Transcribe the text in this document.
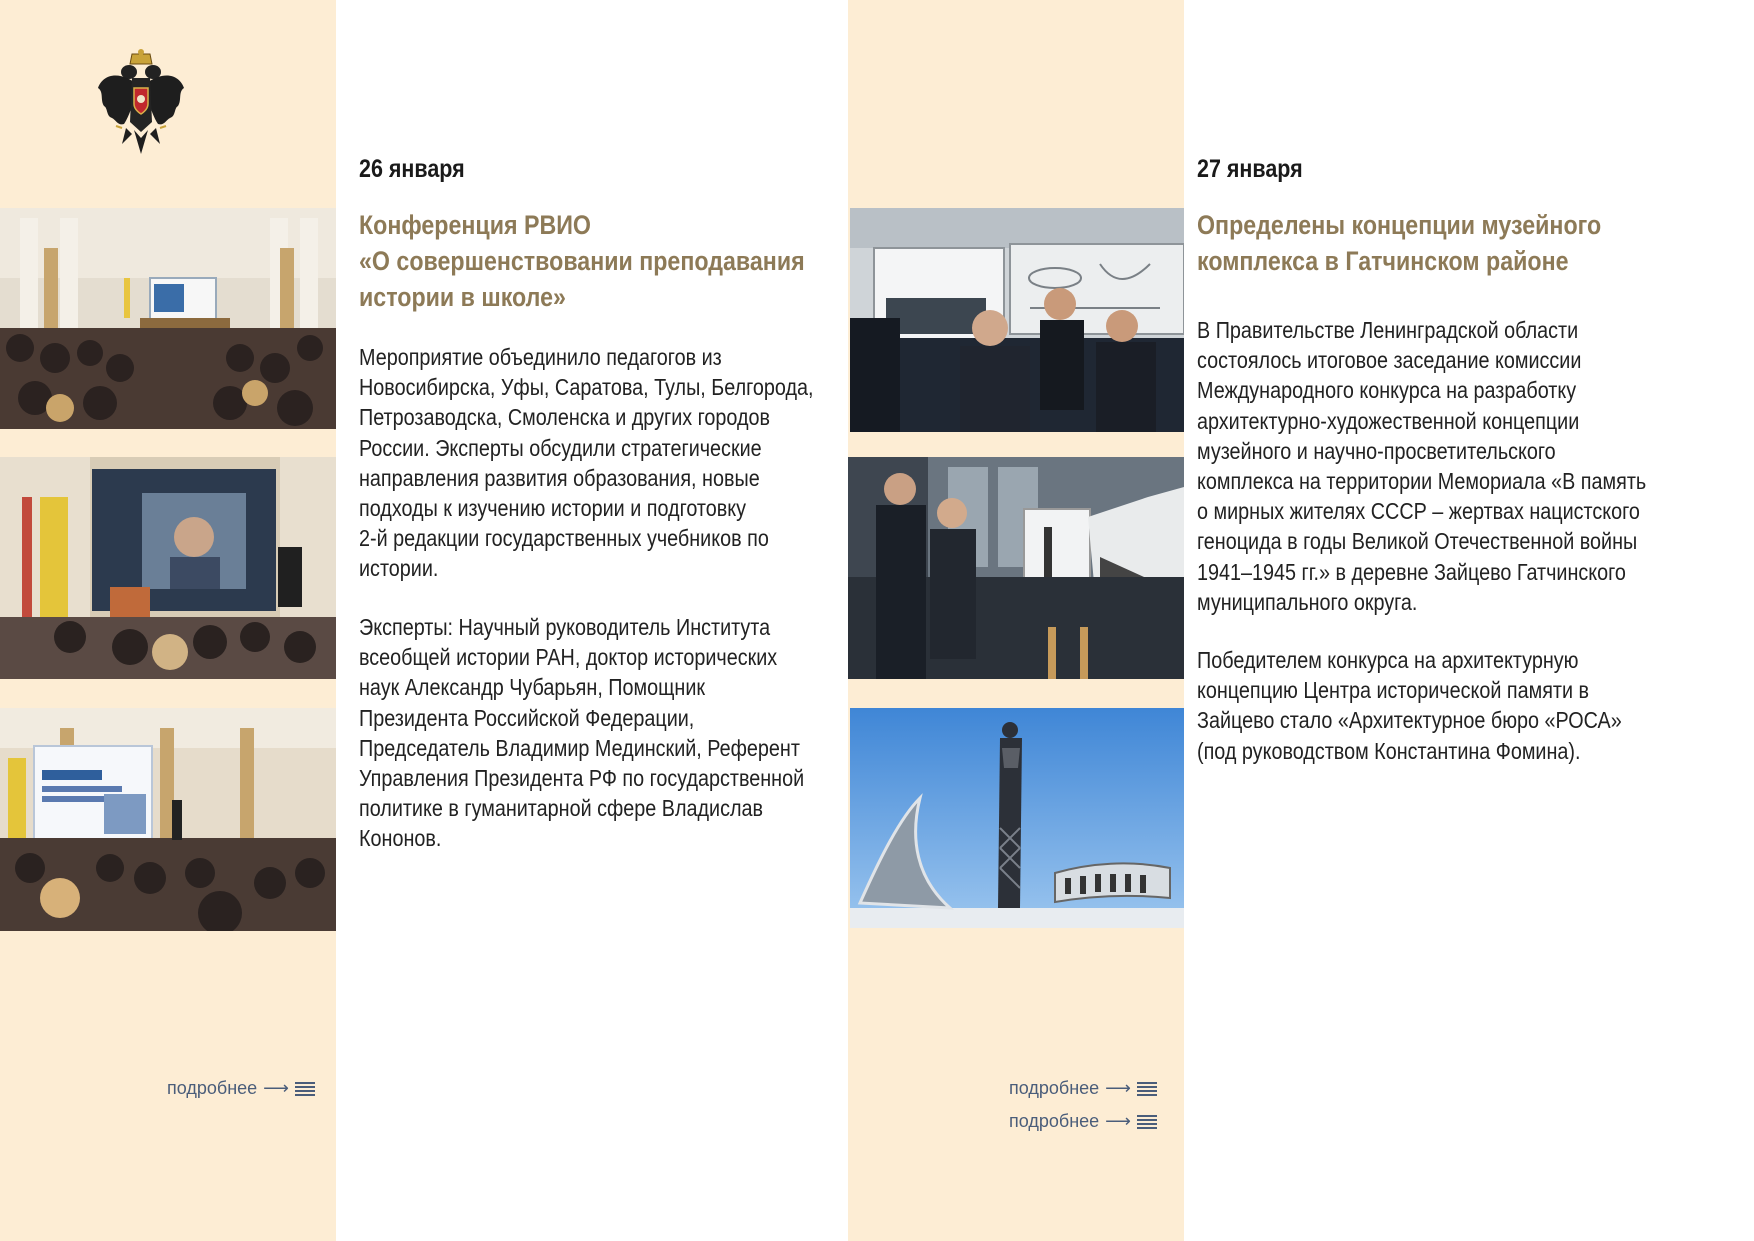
26 января
Конференция РВИО
«О совершенствовании преподавания
истории в школе»
Мероприятие объединило педагогов из
Новосибирска, Уфы, Саратова, Тулы, Белгорода,
Петрозаводска, Смоленска и других городов
России. Эксперты обсудили стратегические
направления развития образования, новые
подходы к изучению истории и подготовку
2-й редакции государственных учебников по
истории.
Эксперты: Научный руководитель Института
всеобщей истории РАН, доктор исторических
наук Александр Чубарьян, Помощник
Президента Российской Федерации,
Председатель Владимир Мединский, Референт
Управления Президента РФ по государственной
политике в гуманитарной сфере Владислав
Кононов.
подробнее ⟶
27 января
Определены концепции музейного
комплекса в Гатчинском районе
В Правительстве Ленинградской области
состоялось итоговое заседание комиссии
Международного конкурса на разработку
архитектурно-художественной концепции
музейного и научно-просветительского
комплекса на территории Мемориала «В память
о мирных жителях СССР – жертвах нацистского
геноцида в годы Великой Отечественной войны
1941–1945 гг.» в деревне Зайцево Гатчинского
муниципального округа.
Победителем конкурса на архитектурную
концепцию Центра исторической памяти в
Зайцево стало «Архитектурное бюро «РОСА»
(под руководством Константина Фомина).
подробнее ⟶
подробнее ⟶
